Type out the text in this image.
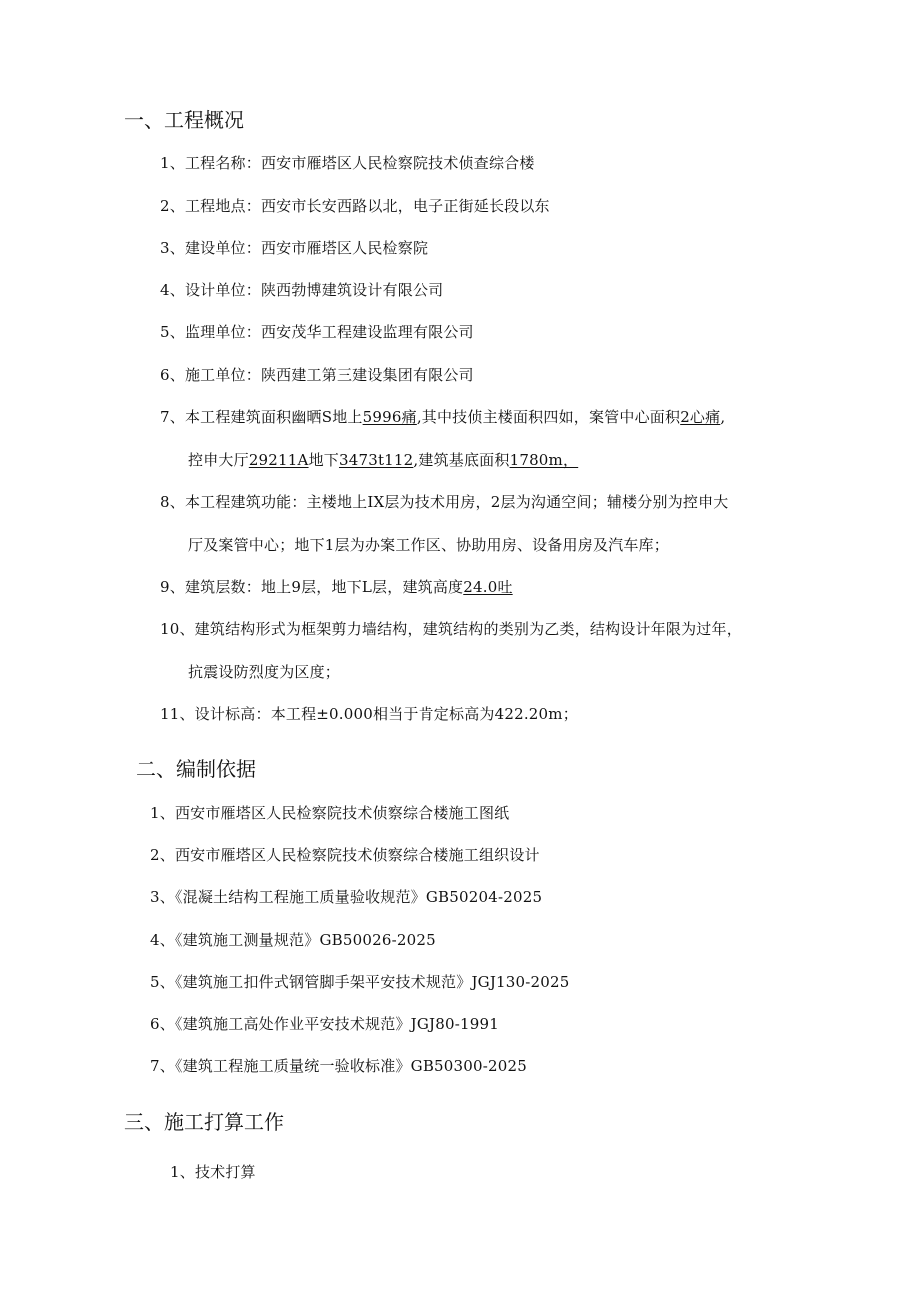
一、工程概况
1、工程名称：西安市雁塔区人民检察院技术侦查综合楼
2、工程地点：西安市长安西路以北，电子正街延长段以东
3、建设单位：西安市雁塔区人民检察院
4、设计单位：陕西勃博建筑设计有限公司
5、监理单位：西安茂华工程建设监理有限公司
6、施工单位：陕西建工第三建设集团有限公司
7、本工程建筑面积幽晒S地上5996痛,其中技侦主楼面积四如，案管中心面积2心痛,
控申大厅29211A地下3473t112,建筑基底面积1780m，
8、本工程建筑功能：主楼地上IX层为技术用房，2层为沟通空间；辅楼分别为控申大
厅及案管中心；地下1层为办案工作区、协助用房、设备用房及汽车库；
9、建筑层数：地上9层，地下L层，建筑高度24.0吐
10、建筑结构形式为框架剪力墙结构，建筑结构的类别为乙类，结构设计年限为过年，
抗震设防烈度为区度；
11、设计标高：本工程±0.000相当于肯定标高为422.20m；
二、编制依据
1、西安市雁塔区人民检察院技术侦察综合楼施工图纸
2、西安市雁塔区人民检察院技术侦察综合楼施工组织设计
3、《混凝土结构工程施工质量验收规范》GB50204-2025
4、《建筑施工测量规范》GB50026-2025
5、《建筑施工扣件式钢管脚手架平安技术规范》JGJ130-2025
6、《建筑施工高处作业平安技术规范》JGJ80-1991
7、《建筑工程施工质量统一验收标准》GB50300-2025
三、施工打算工作
1、技术打算
